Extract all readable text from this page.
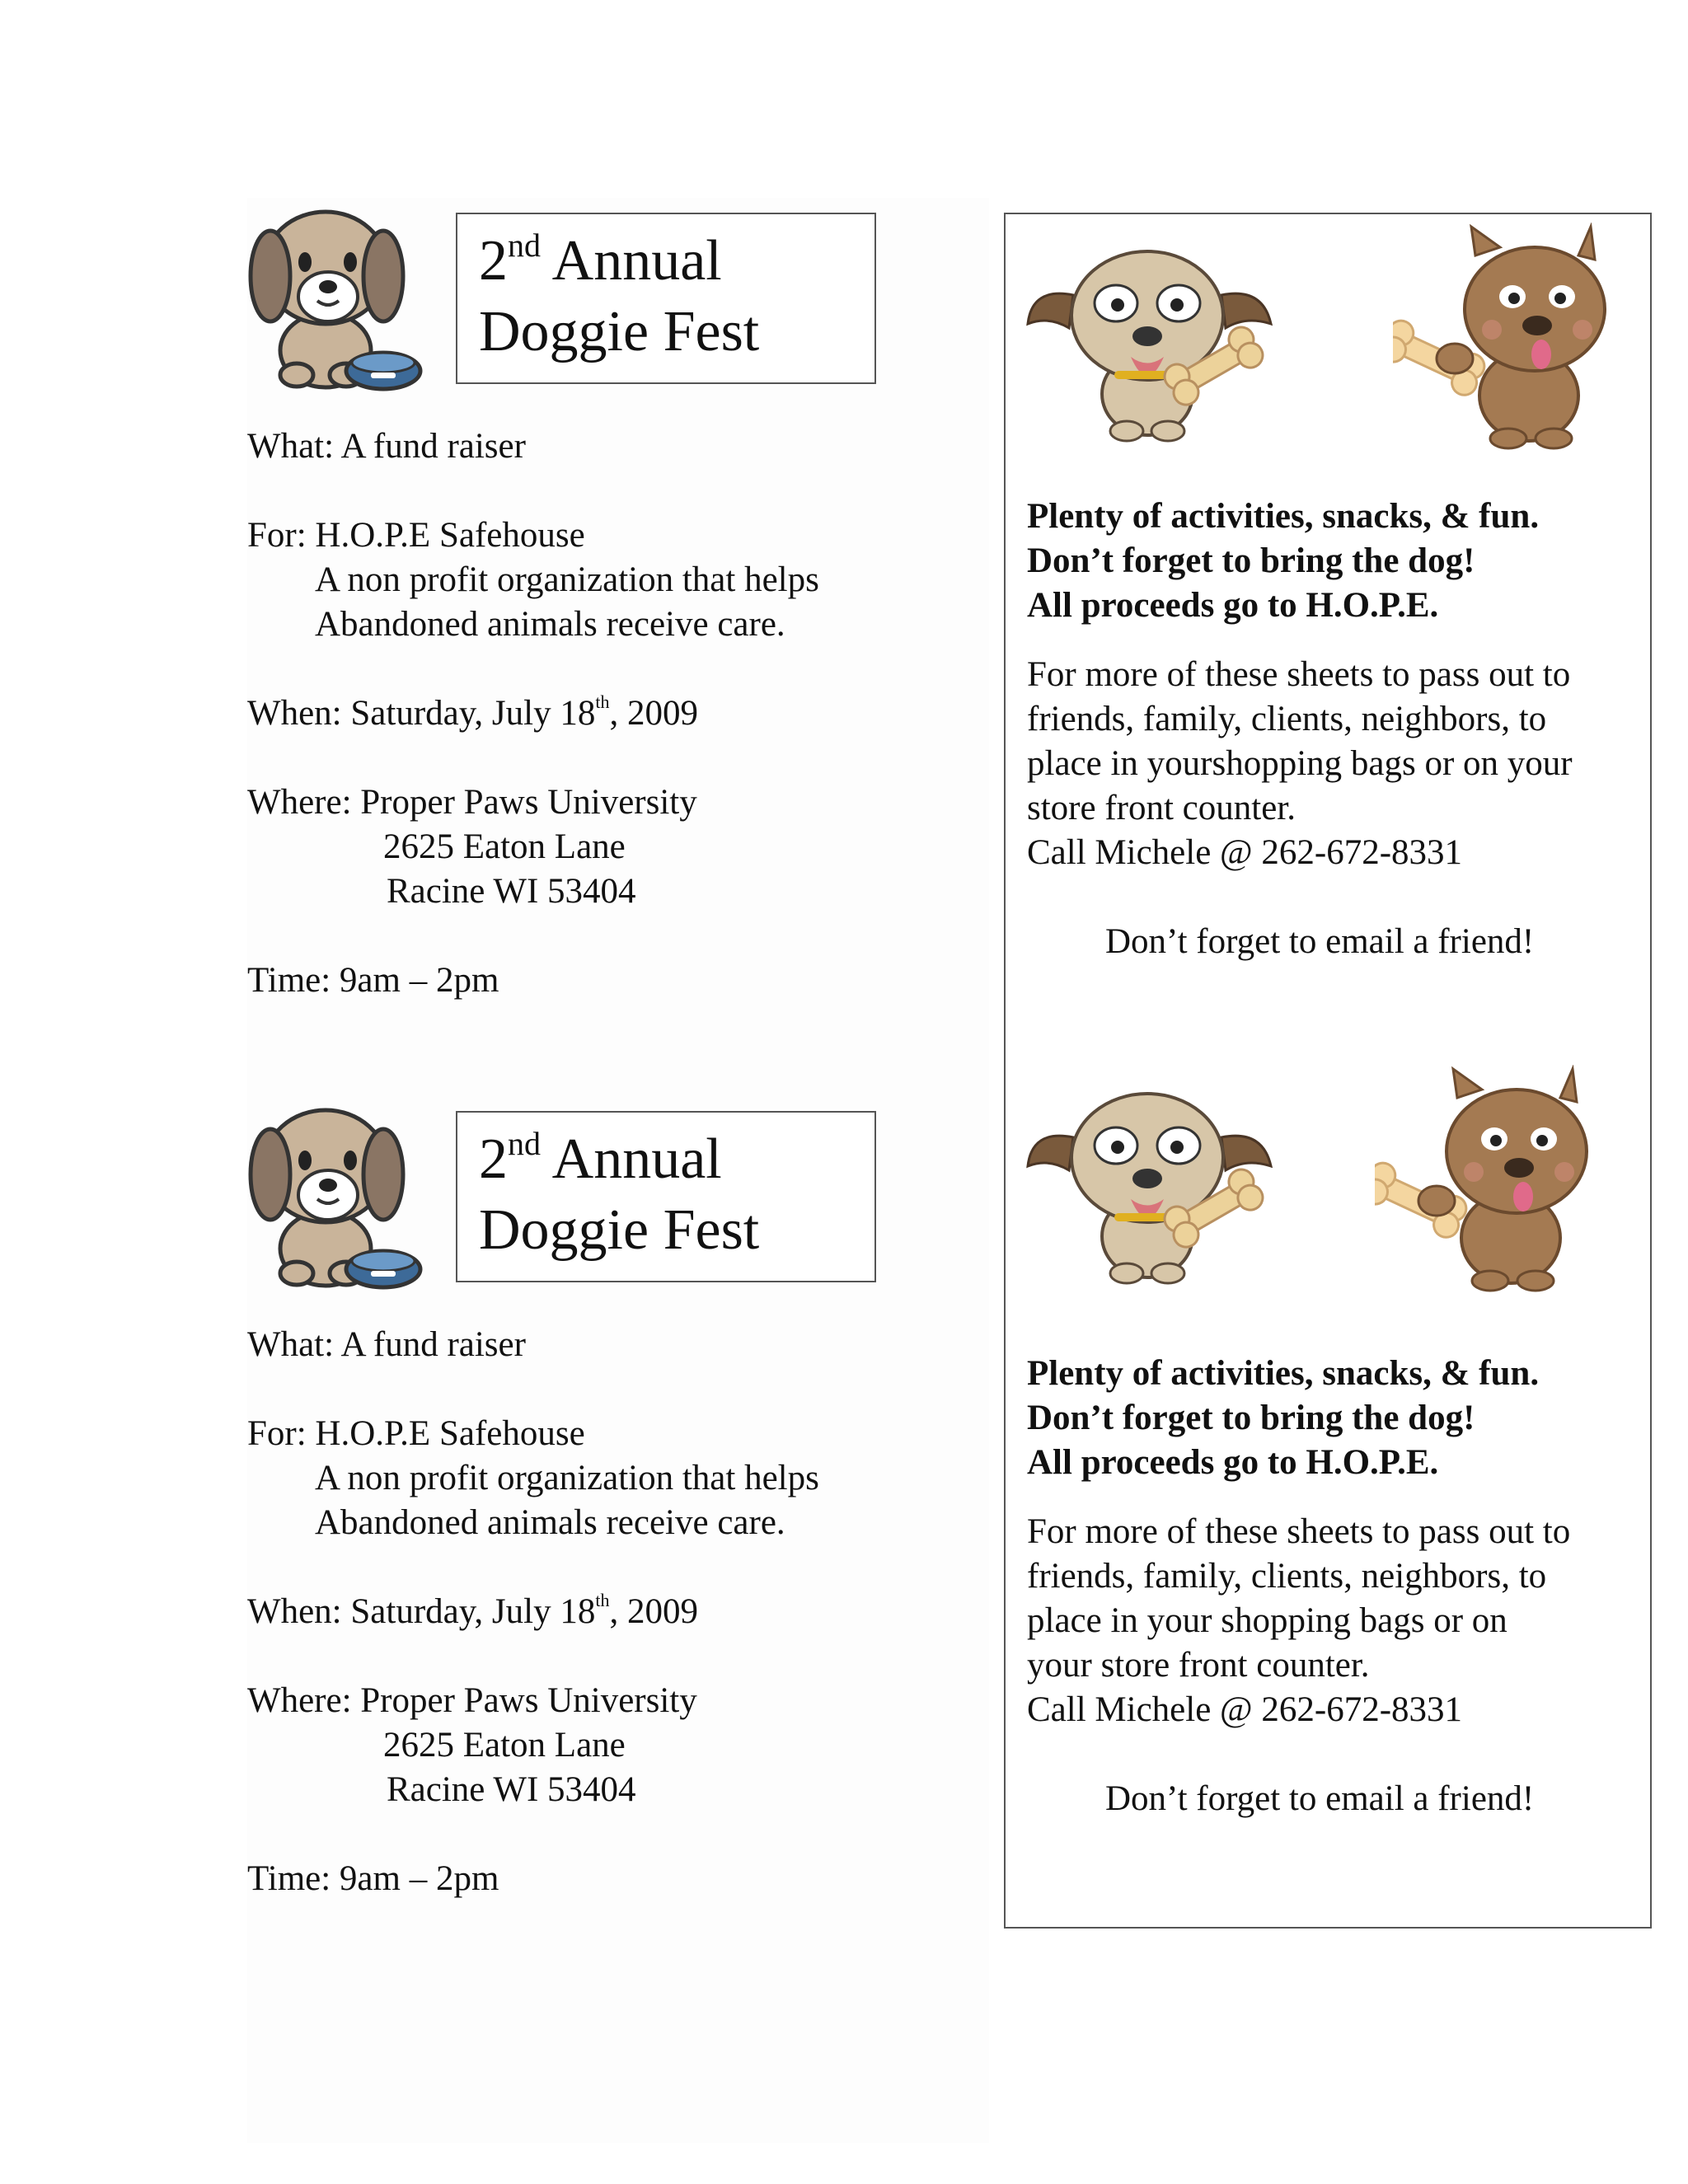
2nd Annual
Doggie Fest
What: A fund raiser
For: H.O.P.E Safehouse
A non profit organization that helps
Abandoned animals receive care.
When: Saturday, July 18th, 2009
Where: Proper Paws University
2625 Eaton Lane
Racine WI 53404
Time: 9am – 2pm
2nd Annual
Doggie Fest
What: A fund raiser
For: H.O.P.E Safehouse
A non profit organization that helps
Abandoned animals receive care.
When: Saturday, July 18th, 2009
Where: Proper Paws University
2625 Eaton Lane
Racine WI 53404
Time: 9am – 2pm
Plenty of activities, snacks, & fun.
Don’t forget to bring the dog!
All proceeds go to H.O.P.E.
For more of these sheets to pass out to
friends, family, clients, neighbors, to
place in yourshopping bags or on your
store front counter.
Call Michele @ 262-672-8331
Don’t forget to email a friend!
Plenty of activities, snacks, & fun.
Don’t forget to bring the dog!
All proceeds go to H.O.P.E.
For more of these sheets to pass out to
friends, family, clients, neighbors, to
place in your shopping bags or on
your store front counter.
Call Michele @ 262-672-8331
Don’t forget to email a friend!
